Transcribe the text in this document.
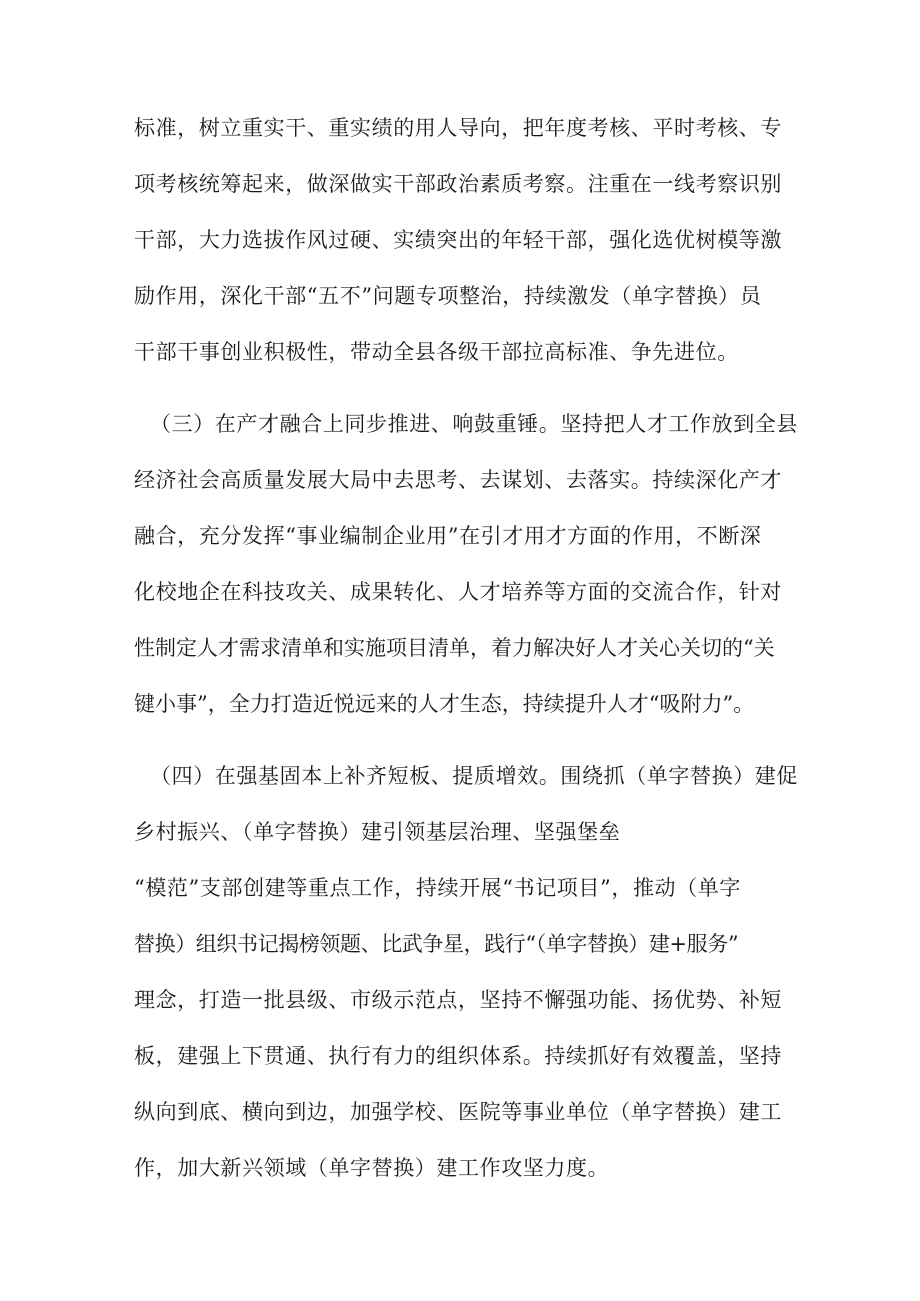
标准，树立重实干、重实绩的用人导向，把年度考核、平时考核、专
项考核统筹起来，做深做实干部政治素质考察。注重在一线考察识别
干部，大力选拔作风过硬、实绩突出的年轻干部，强化选优树模等激
励作用，深化干部“五不”问题专项整治，持续激发（单字替换）员
干部干事创业积极性，带动全县各级干部拉高标准、争先进位。
（三）在产才融合上同步推进、响鼓重锤。坚持把人才工作放到全县
经济社会高质量发展大局中去思考、去谋划、去落实。持续深化产才
融合，充分发挥“事业编制企业用”在引才用才方面的作用，不断深
化校地企在科技攻关、成果转化、人才培养等方面的交流合作，针对
性制定人才需求清单和实施项目清单，着力解决好人才关心关切的“关
键小事”，全力打造近悦远来的人才生态，持续提升人才“吸附力”。
（四）在强基固本上补齐短板、提质增效。围绕抓（单字替换）建促
乡村振兴、（单字替换）建引领基层治理、坚强堡垒
“模范”支部创建等重点工作，持续开展“书记项目”，推动（单字
替换）组织书记揭榜领题、比武争星，践行“（单字替换）建+服务”
理念，打造一批县级、市级示范点，坚持不懈强功能、扬优势、补短
板，建强上下贯通、执行有力的组织体系。持续抓好有效覆盖，坚持
纵向到底、横向到边，加强学校、医院等事业单位（单字替换）建工
作，加大新兴领域（单字替换）建工作攻坚力度。
